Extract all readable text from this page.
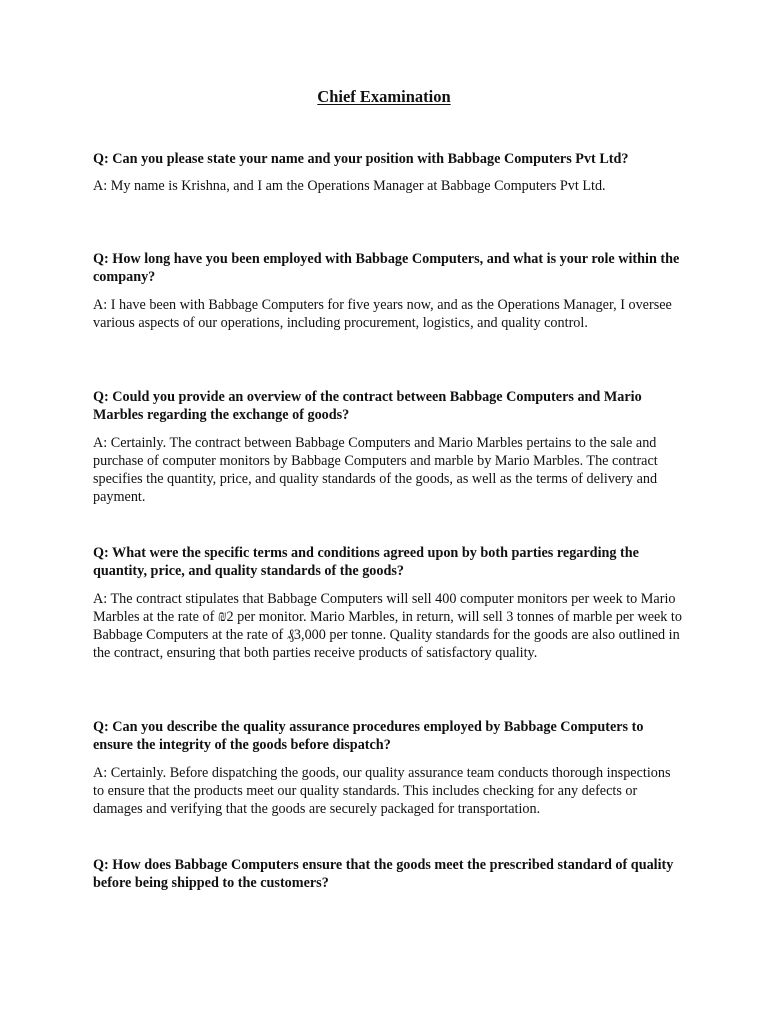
Chief Examination

Q: Can you please state your name and your position with Babbage Computers Pvt Ltd?

A: My name is Krishna, and I am the Operations Manager at Babbage Computers Pvt Ltd.

Q: How long have you been employed with Babbage Computers, and what is your role within the company?

A: I have been with Babbage Computers for five years now, and as the Operations Manager, I oversee various aspects of our operations, including procurement, logistics, and quality control.

Q: Could you provide an overview of the contract between Babbage Computers and Mario Marbles regarding the exchange of goods?

A: Certainly. The contract between Babbage Computers and Mario Marbles pertains to the sale and purchase of computer monitors by Babbage Computers and marble by Mario Marbles. The contract specifies the quantity, price, and quality standards of the goods, as well as the terms of delivery and payment.

Q: What were the specific terms and conditions agreed upon by both parties regarding the quantity, price, and quality standards of the goods?

A: The contract stipulates that Babbage Computers will sell 400 computer monitors per week to Mario Marbles at the rate of ₪2 per monitor. Mario Marbles, in return, will sell 3 tonnes of marble per week to Babbage Computers at the rate of ₰3,000 per tonne. Quality standards for the goods are also outlined in the contract, ensuring that both parties receive products of satisfactory quality.

Q: Can you describe the quality assurance procedures employed by Babbage Computers to ensure the integrity of the goods before dispatch?

A: Certainly. Before dispatching the goods, our quality assurance team conducts thorough inspections to ensure that the products meet our quality standards. This includes checking for any defects or damages and verifying that the goods are securely packaged for transportation.

Q: How does Babbage Computers ensure that the goods meet the prescribed standard of quality before being shipped to the customers?
